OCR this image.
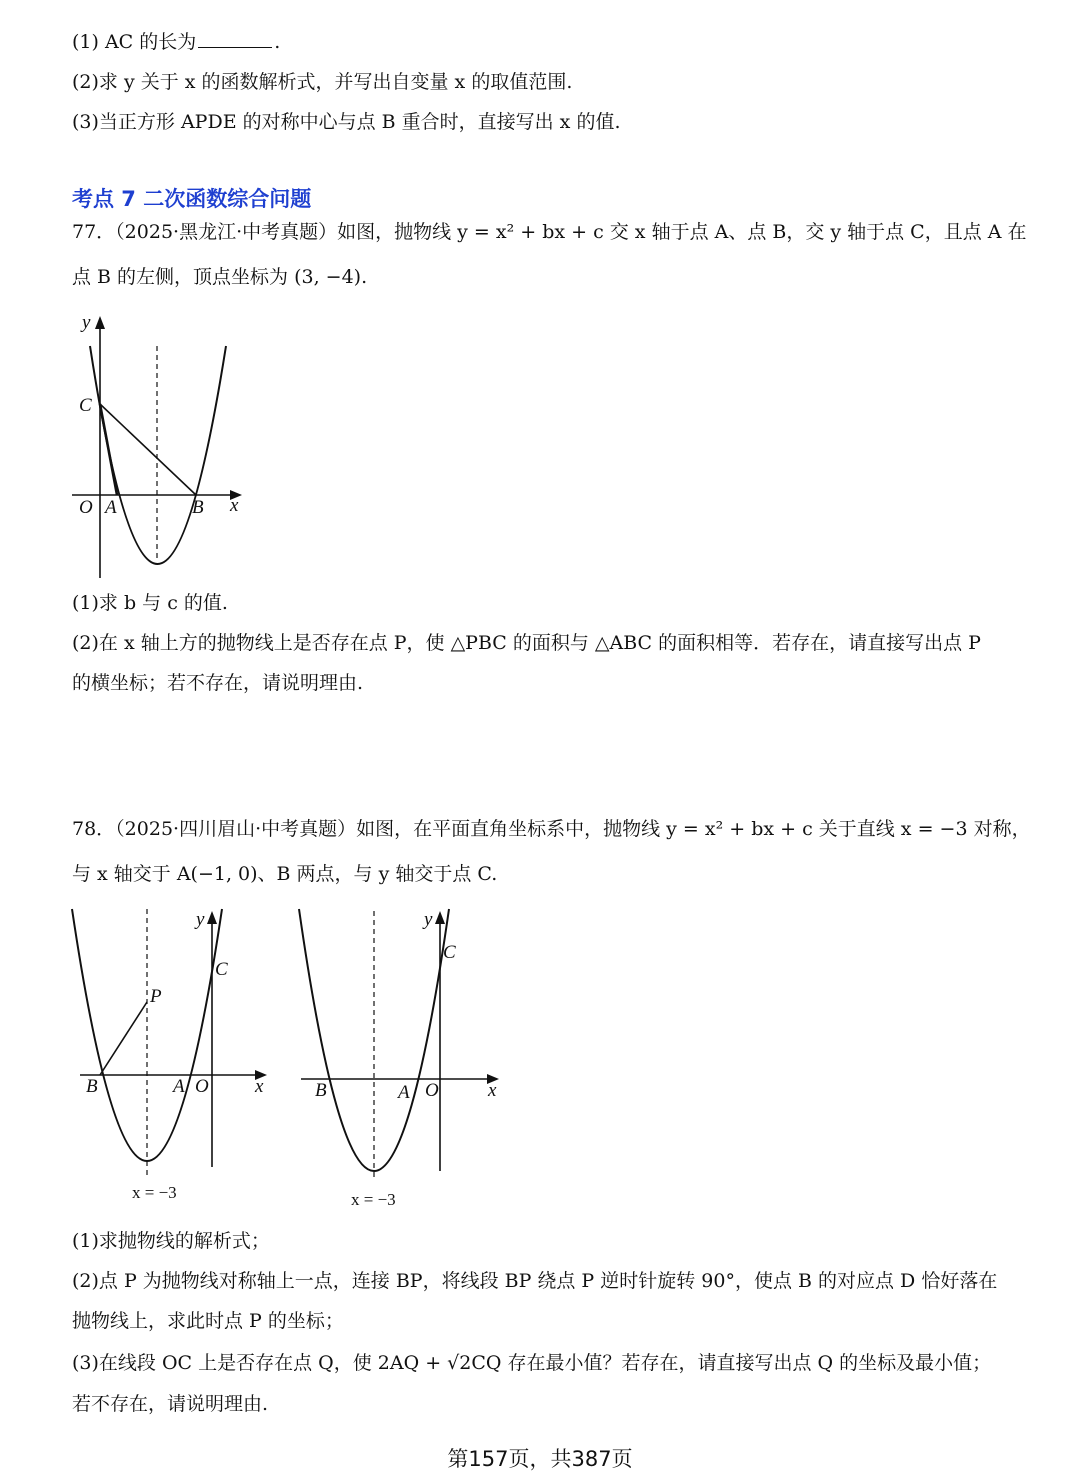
(1) AC 的长为	.
(2)求 y 关于 x 的函数解析式，并写出自变量 x 的取值范围.
(3)当正方形 APDE 的对称中心与点 B 重合时，直接写出 x 的值.
考点 7 二次函数综合问题
77．（2025·黑龙江·中考真题）如图，抛物线 y = x² + bx + c 交 x 轴于点 A、点 B，交 y 轴于点 C，且点 A 在
点 B 的左侧，顶点坐标为 (3, −4).
y
C
O A	B x
(1)求 b 与 c 的值.
(2)在 x 轴上方的抛物线上是否存在点 P，使 △PBC 的面积与 △ABC 的面积相等．若存在，请直接写出点 P
的横坐标；若不存在，请说明理由.
78．（2025·四川眉山·中考真题）如图，在平面直角坐标系中，抛物线 y = x² + bx + c 关于直线 x = −3 对称，
与 x 轴交于 A(−1, 0)、B 两点，与 y 轴交于点 C.
y
C
P
B	A O x
x = −3
y
C
B	A O	x
x = −3
(1)求抛物线的解析式；
(2)点 P 为抛物线对称轴上一点，连接 BP，将线段 BP 绕点 P 逆时针旋转 90°，使点 B 的对应点 D 恰好落在
抛物线上，求此时点 P 的坐标；
(3)在线段 OC 上是否存在点 Q，使 2AQ + √2CQ 存在最小值？若存在，请直接写出点 Q 的坐标及最小值；
若不存在，请说明理由.
第157页，共387页
